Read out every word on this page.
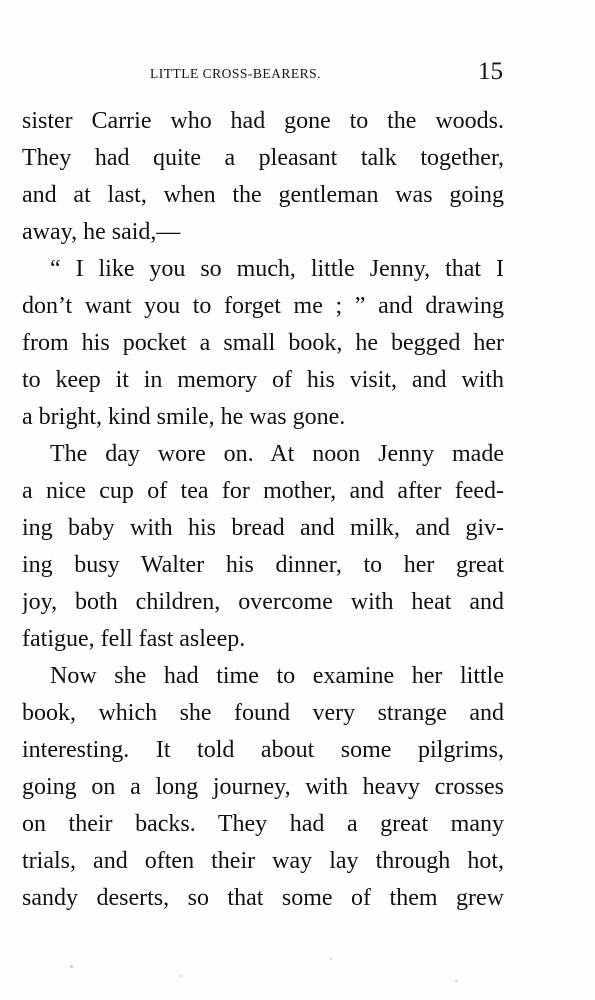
LITTLE CROSS-BEARERS.	15
sister Carrie who had gone to the woods.
They had quite a pleasant talk together,
and at last, when the gentleman was going
away, he said,—
“ I like you so much, little Jenny, that I
don’t want you to forget me ; ” and drawing
from his pocket a small book, he begged her
to keep it in memory of his visit, and with
a bright, kind smile, he was gone.
The day wore on. At noon Jenny made
a nice cup of tea for mother, and after feed-
ing baby with his bread and milk, and giv-
ing busy Walter his dinner, to her great
joy, both children, overcome with heat and
fatigue, fell fast asleep.
Now she had time to examine her little
book, which she found very strange and
interesting. It told about some pilgrims,
going on a long journey, with heavy crosses
on their backs. They had a great many
trials, and often their way lay through hot,
sandy deserts, so that some of them grew
